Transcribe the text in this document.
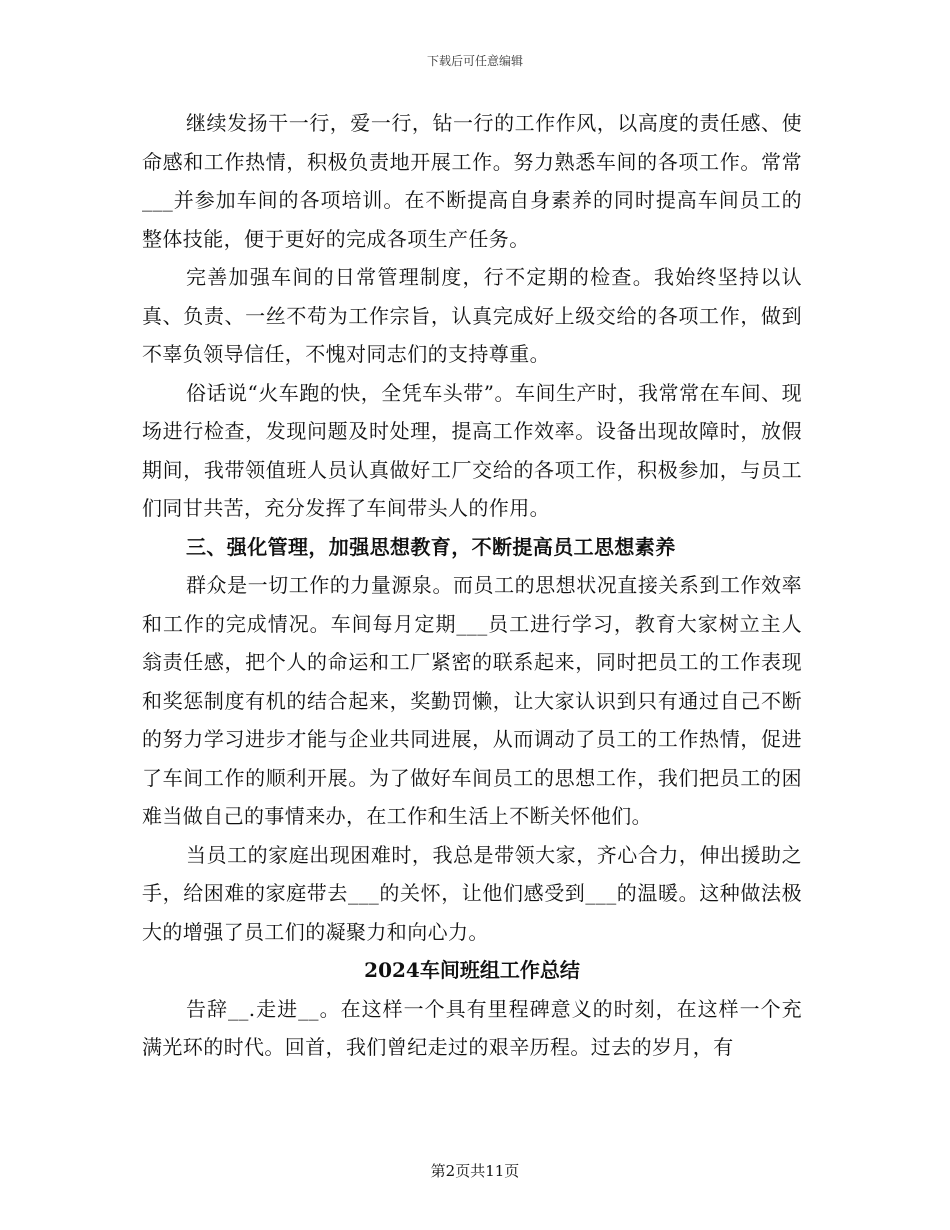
下载后可任意编辑

继续发扬干一行，爱一行，钻一行的工作作风，以高度的责任感、使命感和工作热情，积极负责地开展工作。努力熟悉车间的各项工作。常常___并参加车间的各项培训。在不断提高自身素养的同时提高车间员工的整体技能，便于更好的完成各项生产任务。

完善加强车间的日常管理制度，行不定期的检查。我始终坚持以认真、负责、一丝不苟为工作宗旨，认真完成好上级交给的各项工作，做到不辜负领导信任，不愧对同志们的支持尊重。

俗话说“火车跑的快，全凭车头带”。车间生产时，我常常在车间、现场进行检查，发现问题及时处理，提高工作效率。设备出现故障时，放假期间，我带领值班人员认真做好工厂交给的各项工作，积极参加，与员工们同甘共苦，充分发挥了车间带头人的作用。

三、强化管理，加强思想教育，不断提高员工思想素养

群众是一切工作的力量源泉。而员工的思想状况直接关系到工作效率和工作的完成情况。车间每月定期___员工进行学习，教育大家树立主人翁责任感，把个人的命运和工厂紧密的联系起来，同时把员工的工作表现和奖惩制度有机的结合起来，奖勤罚懒，让大家认识到只有通过自己不断的努力学习进步才能与企业共同进展，从而调动了员工的工作热情，促进了车间工作的顺利开展。为了做好车间员工的思想工作，我们把员工的困难当做自己的事情来办，在工作和生活上不断关怀他们。

当员工的家庭出现困难时，我总是带领大家，齐心合力，伸出援助之手，给困难的家庭带去___的关怀，让他们感受到___的温暖。这种做法极大的增强了员工们的凝聚力和向心力。

2024车间班组工作总结

告辞__.走进__。在这样一个具有里程碑意义的时刻，在这样一个充满光环的时代。回首，我们曾纪走过的艰辛历程。过去的岁月，有

第2页共11页
